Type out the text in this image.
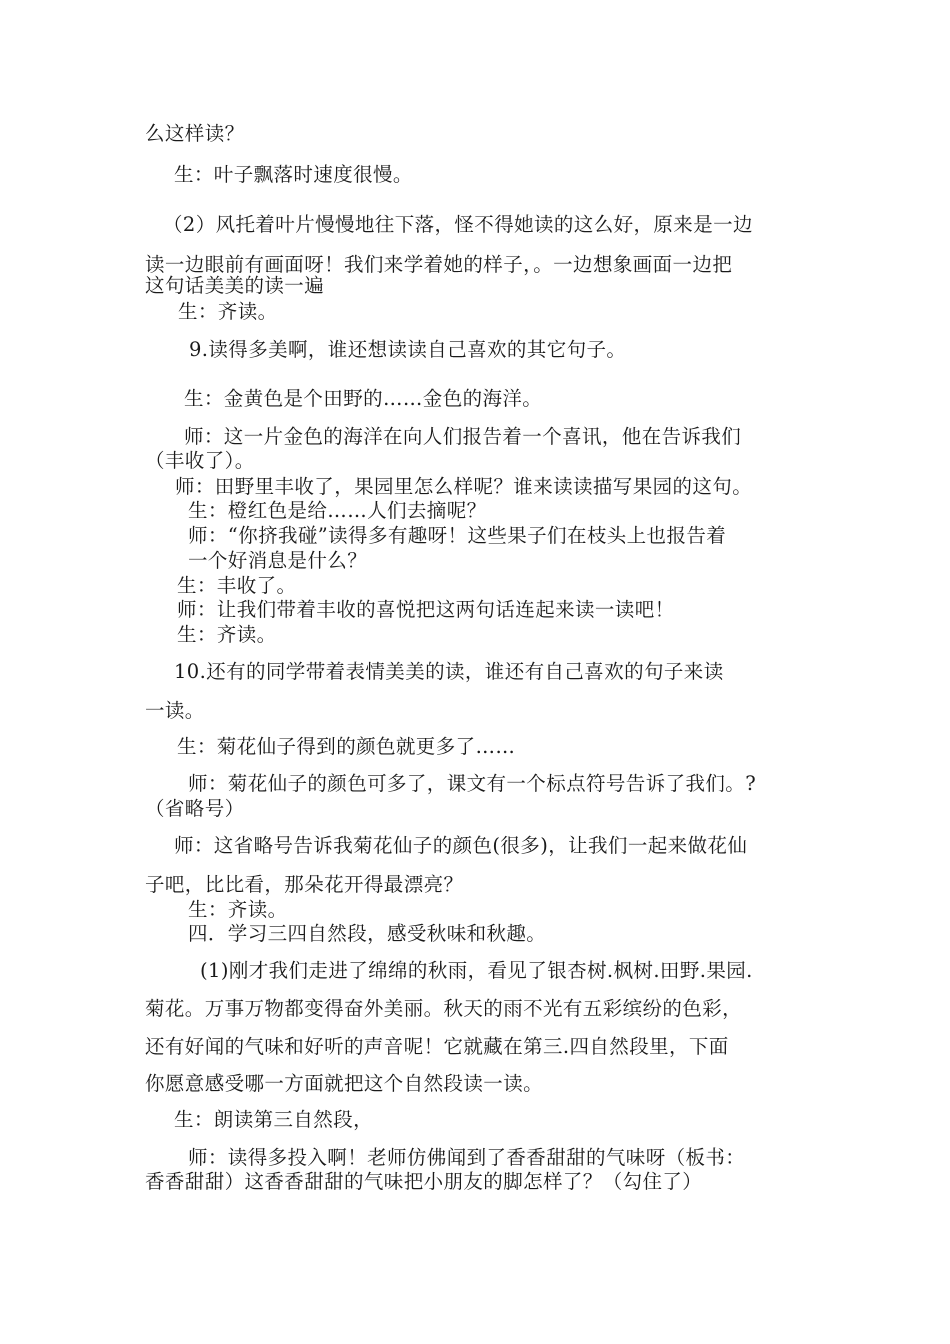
么这样读？
生：叶子飘落时速度很慢。
（2）风托着叶片慢慢地往下落，怪不得她读的这么好，原来是一边
读一边眼前有画面呀！我们来学着她的样子，。一边想象画面一边把
这句话美美的读一遍
生：齐读。
9.读得多美啊，谁还想读读自己喜欢的其它句子。
生：金黄色是个田野的……金色的海洋。
师：这一片金色的海洋在向人们报告着一个喜讯，他在告诉我们
（丰收了）。
师：田野里丰收了，果园里怎么样呢？谁来读读描写果园的这句。
生：橙红色是给……人们去摘呢？
师：“你挤我碰”读得多有趣呀！这些果子们在枝头上也报告着
一个好消息是什么？
生：丰收了。
师：让我们带着丰收的喜悦把这两句话连起来读一读吧！
生：齐读。
10.还有的同学带着表情美美的读，谁还有自己喜欢的句子来读
一读。
生：菊花仙子得到的颜色就更多了……
师：菊花仙子的颜色可多了，课文有一个标点符号告诉了我们。?
（省略号）
师：这省略号告诉我菊花仙子的颜色(很多)，让我们一起来做花仙
子吧，比比看，那朵花开得最漂亮？
生：齐读。
四．学习三四自然段，感受秋味和秋趣。
(1)刚才我们走进了绵绵的秋雨，看见了银杏树.枫树.田野.果园.
菊花。万事万物都变得奋外美丽。秋天的雨不光有五彩缤纷的色彩，
还有好闻的气味和好听的声音呢！它就藏在第三.四自然段里，下面
你愿意感受哪一方面就把这个自然段读一读。
生：朗读第三自然段，
师：读得多投入啊！老师仿佛闻到了香香甜甜的气味呀（板书：
香香甜甜）这香香甜甜的气味把小朋友的脚怎样了？（勾住了）
